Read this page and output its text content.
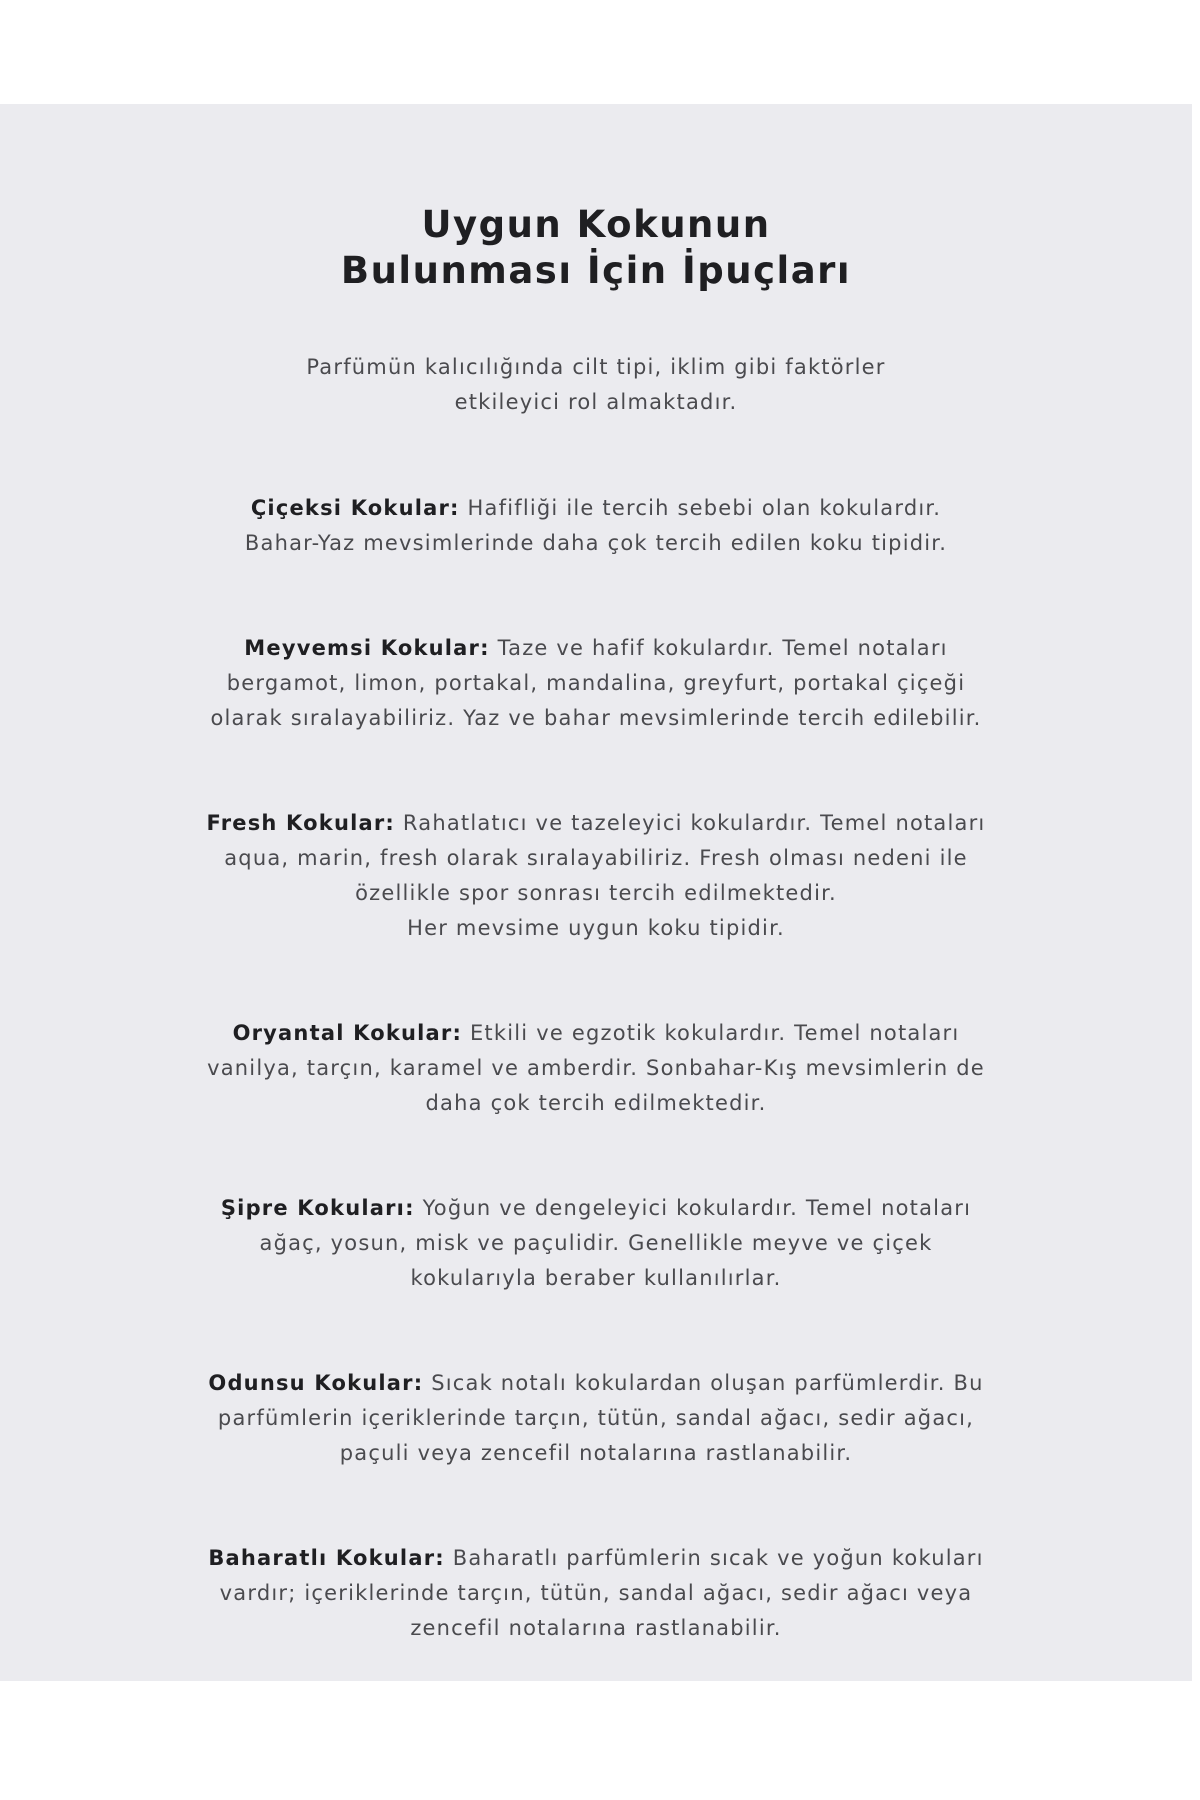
Uygun Kokunun
Bulunması İçin İpuçları

Parfümün kalıcılığında cilt tipi, iklim gibi faktörler
etkileyici rol almaktadır.

Çiçeksi Kokular: Hafifliği ile tercih sebebi olan kokulardır.
Bahar-Yaz mevsimlerinde daha çok tercih edilen koku tipidir.

Meyvemsi Kokular: Taze ve hafif kokulardır. Temel notaları
bergamot, limon, portakal, mandalina, greyfurt, portakal çiçeği
olarak sıralayabiliriz. Yaz ve bahar mevsimlerinde tercih edilebilir.

Fresh Kokular: Rahatlatıcı ve tazeleyici kokulardır. Temel notaları
aqua, marin, fresh olarak sıralayabiliriz. Fresh olması nedeni ile
özellikle spor sonrası tercih edilmektedir.
Her mevsime uygun koku tipidir.

Oryantal Kokular: Etkili ve egzotik kokulardır. Temel notaları
vanilya, tarçın, karamel ve amberdir. Sonbahar-Kış mevsimlerin de
daha çok tercih edilmektedir.

Şipre Kokuları: Yoğun ve dengeleyici kokulardır. Temel notaları
ağaç, yosun, misk ve paçulidir. Genellikle meyve ve çiçek
kokularıyla beraber kullanılırlar.

Odunsu Kokular: Sıcak notalı kokulardan oluşan parfümlerdir. Bu
parfümlerin içeriklerinde tarçın, tütün, sandal ağacı, sedir ağacı,
paçuli veya zencefil notalarına rastlanabilir.

Baharatlı Kokular: Baharatlı parfümlerin sıcak ve yoğun kokuları
vardır; içeriklerinde tarçın, tütün, sandal ağacı, sedir ağacı veya
zencefil notalarına rastlanabilir.
